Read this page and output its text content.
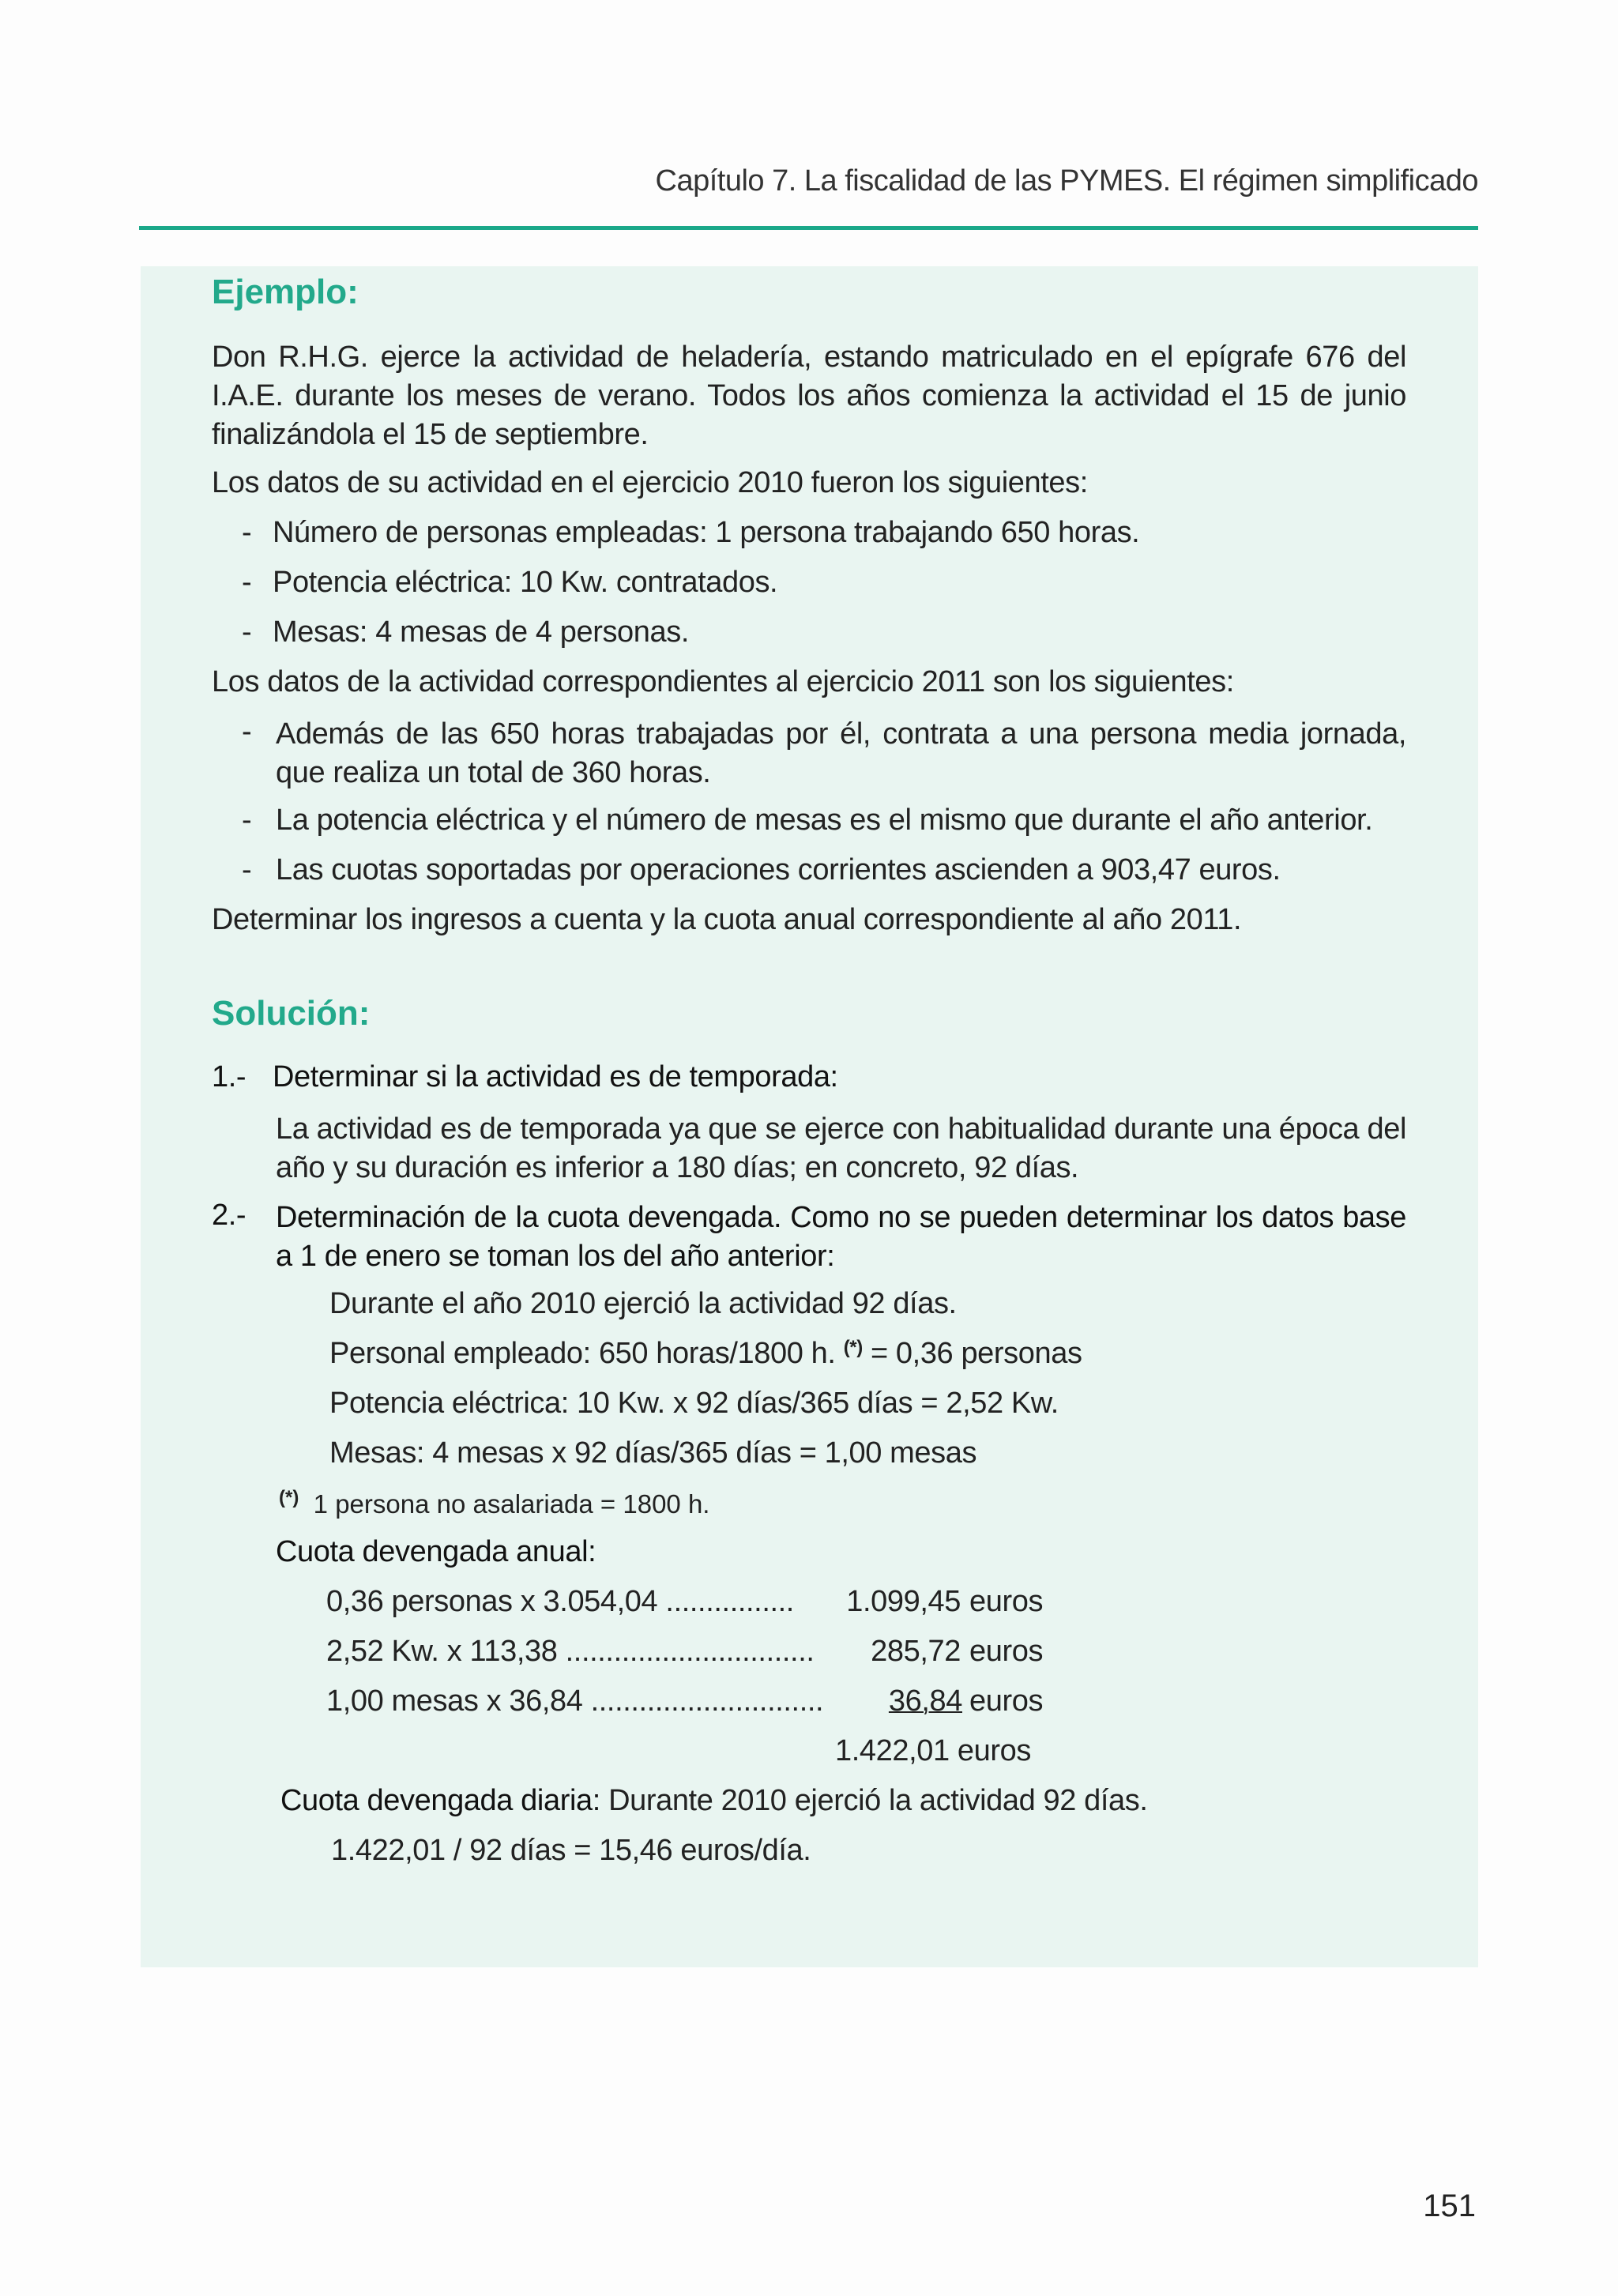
Capítulo 7. La fiscalidad de las PYMES. El régimen simplificado
Ejemplo:
Don R.H.G. ejerce la actividad de heladería, estando matriculado en el epígrafe 676 del I.A.E. durante los meses de verano. Todos los años comienza la actividad el 15 de junio finalizándola el 15 de septiembre.
Los datos de su actividad en el ejercicio 2010 fueron los siguientes:
- Número de personas empleadas: 1 persona trabajando 650 horas.
- Potencia eléctrica: 10 Kw. contratados.
- Mesas: 4 mesas de 4 personas.
Los datos de la actividad correspondientes al ejercicio 2011 son los siguientes:
- Además de las 650 horas trabajadas por él, contrata a una persona media jornada, que realiza un total de 360 horas.
- La potencia eléctrica y el número de mesas es el mismo que durante el año anterior.
- Las cuotas soportadas por operaciones corrientes ascienden a 903,47 euros.
Determinar los ingresos a cuenta y la cuota anual correspondiente al año 2011.
Solución:
1.- Determinar si la actividad es de temporada:
La actividad es de temporada ya que se ejerce con habitualidad durante una época del año y su duración es inferior a 180 días; en concreto, 92 días.
2.- Determinación de la cuota devengada. Como no se pueden determinar los datos base a 1 de enero se toman los del año anterior:
Durante el año 2010 ejerció la actividad 92 días.
Personal empleado: 650 horas/1800 h. (*) = 0,36 personas
Potencia eléctrica: 10 Kw. x 92 días/365 días = 2,52 Kw.
Mesas: 4 mesas x 92 días/365 días = 1,00 mesas
(*) 1 persona no asalariada = 1800 h.
Cuota devengada anual:
0,36 personas x 3.054,04 ................	1.099,45 euros
2,52 Kw. x 113,38 ...............................	285,72 euros
1,00 mesas x 36,84 .............................	36,84 euros
1.422,01 euros
Cuota devengada diaria: Durante 2010 ejerció la actividad 92 días.
1.422,01 / 92 días = 15,46 euros/día.
151
